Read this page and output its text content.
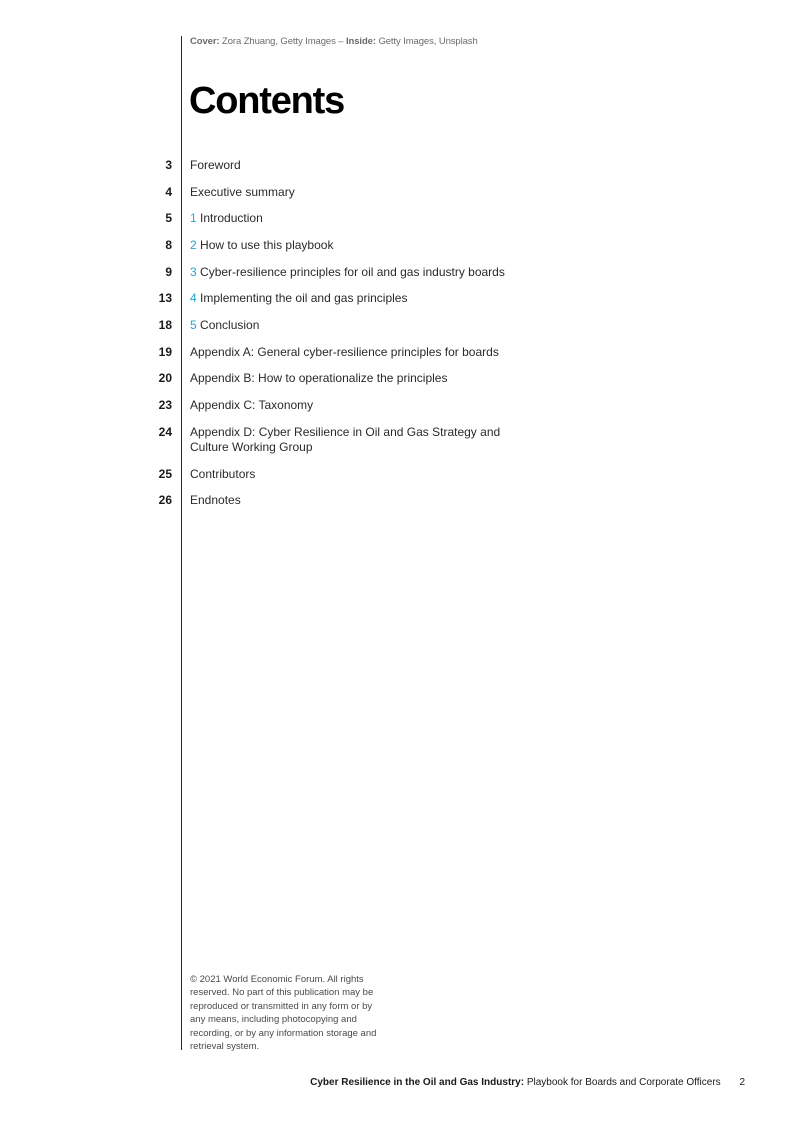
Cover: Zora Zhuang, Getty Images – Inside: Getty Images, Unsplash
Contents
3 Foreword
4 Executive summary
5 1 Introduction
8 2 How to use this playbook
9 3 Cyber-resilience principles for oil and gas industry boards
13 4 Implementing the oil and gas principles
18 5 Conclusion
19 Appendix A: General cyber-resilience principles for boards
20 Appendix B: How to operationalize the principles
23 Appendix C: Taxonomy
24 Appendix D: Cyber Resilience in Oil and Gas Strategy and Culture Working Group
25 Contributors
26 Endnotes
© 2021 World Economic Forum. All rights reserved. No part of this publication may be reproduced or transmitted in any form or by any means, including photocopying and recording, or by any information storage and retrieval system.
Cyber Resilience in the Oil and Gas Industry: Playbook for Boards and Corporate Officers 2
